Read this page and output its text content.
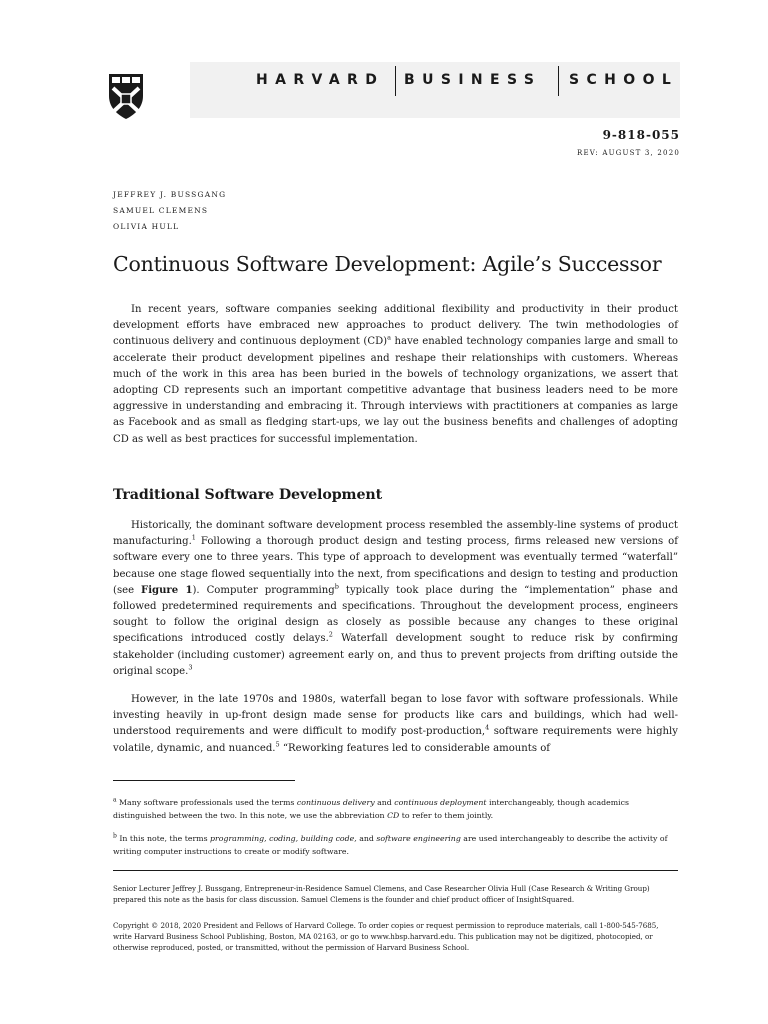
HARVARD BUSINESS SCHOOL
9-818-055
REV: AUGUST 3, 2020
JEFFREY J. BUSSGANG
SAMUEL CLEMENS
OLIVIA HULL
Continuous Software Development: Agile’s Successor
In recent years, software companies seeking additional flexibility and productivity in their product development efforts have embraced new approaches to product delivery. The twin methodologies of continuous delivery and continuous deployment (CD)$^a$ have enabled technology companies large and small to accelerate their product development pipelines and reshape their relationships with customers. Whereas much of the work in this area has been buried in the bowels of technology organizations, we assert that adopting CD represents such an important competitive advantage that business leaders need to be more aggressive in understanding and embracing it. Through interviews with practitioners at companies as large as Facebook and as small as fledging start-ups, we lay out the business benefits and challenges of adopting CD as well as best practices for successful implementation.
Traditional Software Development
Historically, the dominant software development process resembled the assembly-line systems of product manufacturing.$^1$ Following a thorough product design and testing process, firms released new versions of software every one to three years. This type of approach to development was eventually termed “waterfall” because one stage flowed sequentially into the next, from specifications and design to testing and production (see Figure 1). Computer programming$^b$ typically took place during the “implementation” phase and followed predetermined requirements and specifications. Throughout the development process, engineers sought to follow the original design as closely as possible because any changes to these original specifications introduced costly delays.$^2$ Waterfall development sought to reduce risk by confirming stakeholder (including customer) agreement early on, and thus to prevent projects from drifting outside the original scope.$^3$
However, in the late 1970s and 1980s, waterfall began to lose favor with software professionals. While investing heavily in up-front design made sense for products like cars and buildings, which had well-understood requirements and were difficult to modify post-production,$^4$ software requirements were highly volatile, dynamic, and nuanced.$^5$ “Reworking features led to considerable amounts of
$^a$ Many software professionals used the terms continuous delivery and continuous deployment interchangeably, though academics distinguished between the two. In this note, we use the abbreviation CD to refer to them jointly.
$^b$ In this note, the terms programming, coding, building code, and software engineering are used interchangeably to describe the activity of writing computer instructions to create or modify software.
Senior Lecturer Jeffrey J. Bussgang, Entrepreneur-in-Residence Samuel Clemens, and Case Researcher Olivia Hull (Case Research & Writing Group) prepared this note as the basis for class discussion. Samuel Clemens is the founder and chief product officer of InsightSquared.
Copyright © 2018, 2020 President and Fellows of Harvard College. To order copies or request permission to reproduce materials, call 1-800-545-7685, write Harvard Business School Publishing, Boston, MA 02163, or go to www.hbsp.harvard.edu. This publication may not be digitized, photocopied, or otherwise reproduced, posted, or transmitted, without the permission of Harvard Business School.
